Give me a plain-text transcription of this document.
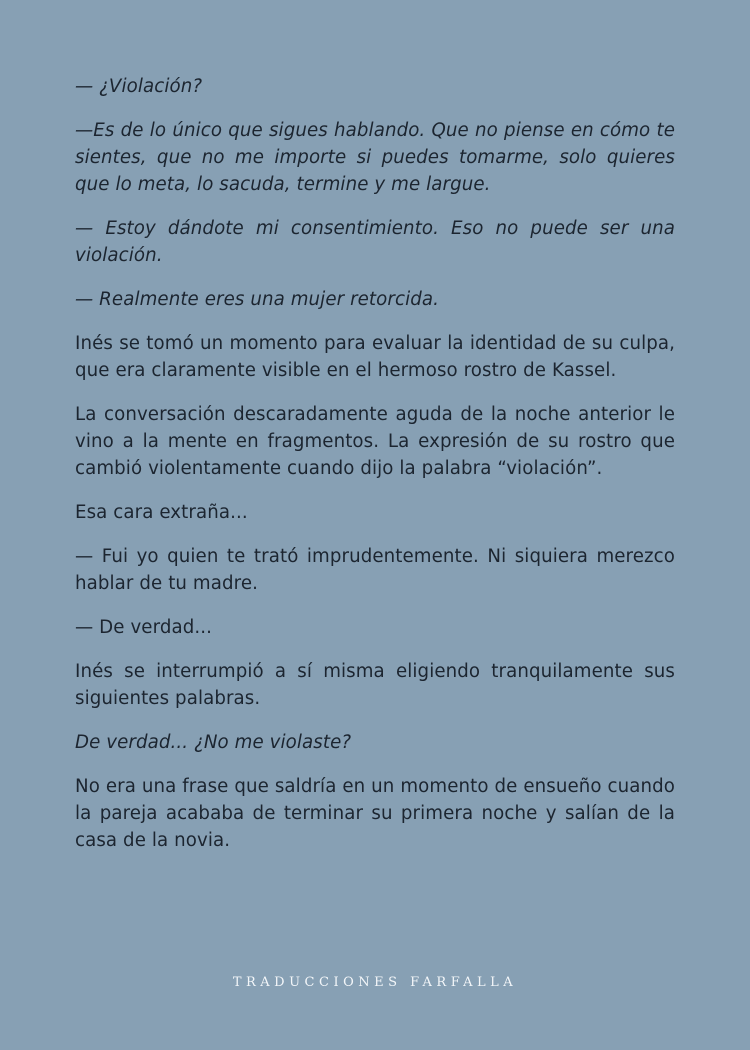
— ¿Violación?

—Es de lo único que sigues hablando. Que no piense en cómo te sientes, que no me importe si puedes tomarme, solo quieres que lo meta, lo sacuda, termine y me largue.

— Estoy dándote mi consentimiento. Eso no puede ser una violación.

— Realmente eres una mujer retorcida.

Inés se tomó un momento para evaluar la identidad de su culpa, que era claramente visible en el hermoso rostro de Kassel.

La conversación descaradamente aguda de la noche anterior le vino a la mente en fragmentos. La expresión de su rostro que cambió violentamente cuando dijo la palabra “violación”.

Esa cara extraña...

— Fui yo quien te trató imprudentemente. Ni siquiera merezco hablar de tu madre.

— De verdad...

Inés se interrumpió a sí misma eligiendo tranquilamente sus siguientes palabras.

De verdad... ¿No me violaste?

No era una frase que saldría en un momento de ensueño cuando la pareja acababa de terminar su primera noche y salían de la casa de la novia.

TRADUCCIONES FARFALLA
